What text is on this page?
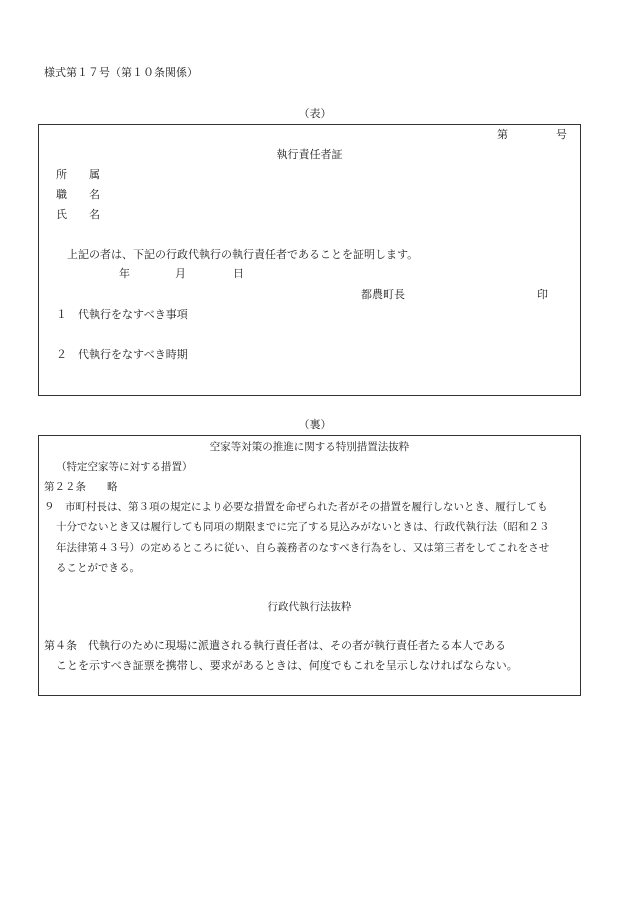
様式第１７号（第１０条関係）
（表）
第	号
執行責任者証
所　　属
職　　名
氏　　名
上記の者は、下記の行政代執行の執行責任者であることを証明します。
年	月	日
都農町長	印
１　代執行をなすべき事項
２　代執行をなすべき時期
（裏）
空家等対策の推進に関する特別措置法抜粋
（特定空家等に対する措置）
第２２条　　略
９　市町村長は、第３項の規定により必要な措置を命ぜられた者がその措置を履行しないとき、履行しても
十分でないとき又は履行しても同項の期限までに完了する見込みがないときは、行政代執行法（昭和２３
年法律第４３号）の定めるところに従い、自ら義務者のなすべき行為をし、又は第三者をしてこれをさせ
ることができる。
行政代執行法抜粋
第４条　代執行のために現場に派遣される執行責任者は、その者が執行責任者たる本人である
ことを示すべき証票を携帯し、要求があるときは、何度でもこれを呈示しなければならない。
